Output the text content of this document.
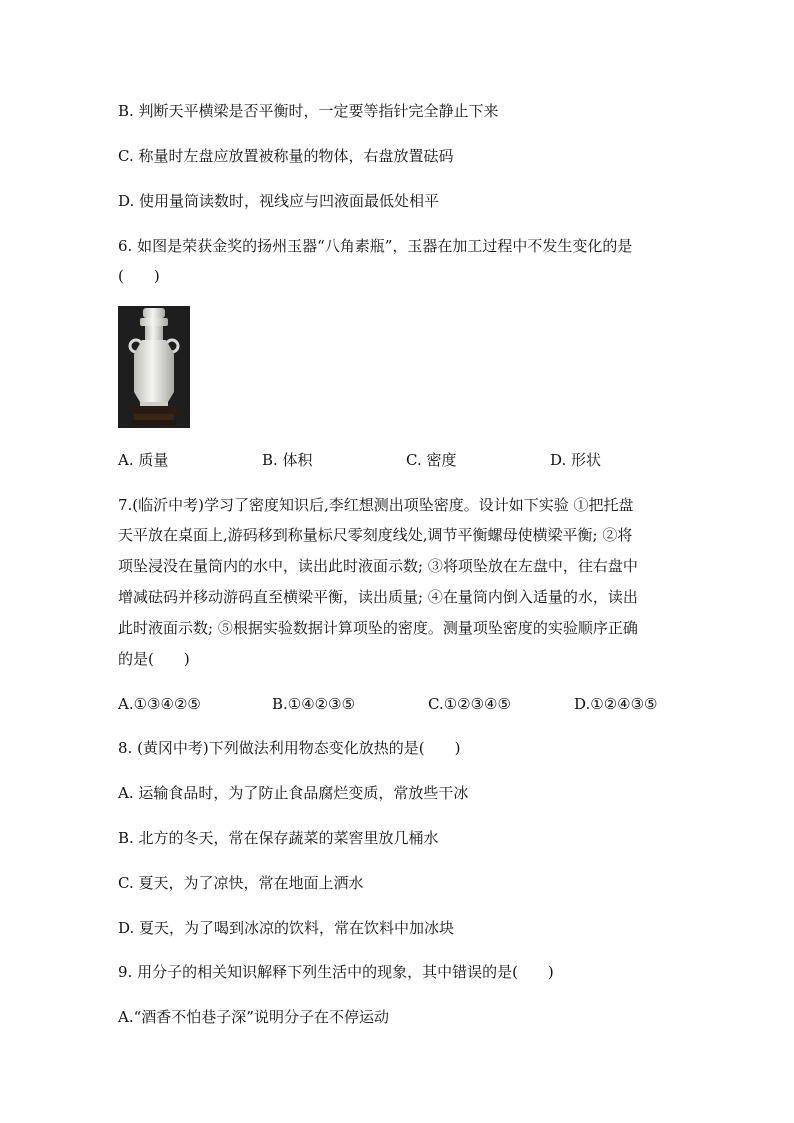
B. 判断天平横梁是否平衡时，一定要等指针完全静止下来
C. 称量时左盘应放置被称量的物体，右盘放置砝码
D. 使用量筒读数时，视线应与凹液面最低处相平
6. 如图是荣获金奖的扬州玉器“八角素瓶”，玉器在加工过程中不发生变化的是
(　　)
A. 质量	B. 体积	C. 密度	D. 形状
7.(临沂中考)学习了密度知识后,李红想测出项坠密度。设计如下实验 ①把托盘
天平放在桌面上,游码移到称量标尺零刻度线处,调节平衡螺母使横梁平衡; ②将
项坠浸没在量筒内的水中，读出此时液面示数; ③将项坠放在左盘中，往右盘中
增减砝码并移动游码直至横梁平衡，读出质量; ④在量筒内倒入适量的水，读出
此时液面示数; ⑤根据实验数据计算项坠的密度。测量项坠密度的实验顺序正确
的是(　　)
A.①③④②⑤	B.①④②③⑤	C.①②③④⑤	D.①②④③⑤
8. (黄冈中考)下列做法利用物态变化放热的是(　　)
A. 运输食品时，为了防止食品腐烂变质，常放些干冰
B. 北方的冬天，常在保存蔬菜的菜窖里放几桶水
C. 夏天，为了凉快，常在地面上洒水
D. 夏天，为了喝到冰凉的饮料，常在饮料中加冰块
9. 用分子的相关知识解释下列生活中的现象，其中错误的是(　　)
A.“酒香不怕巷子深”说明分子在不停运动
